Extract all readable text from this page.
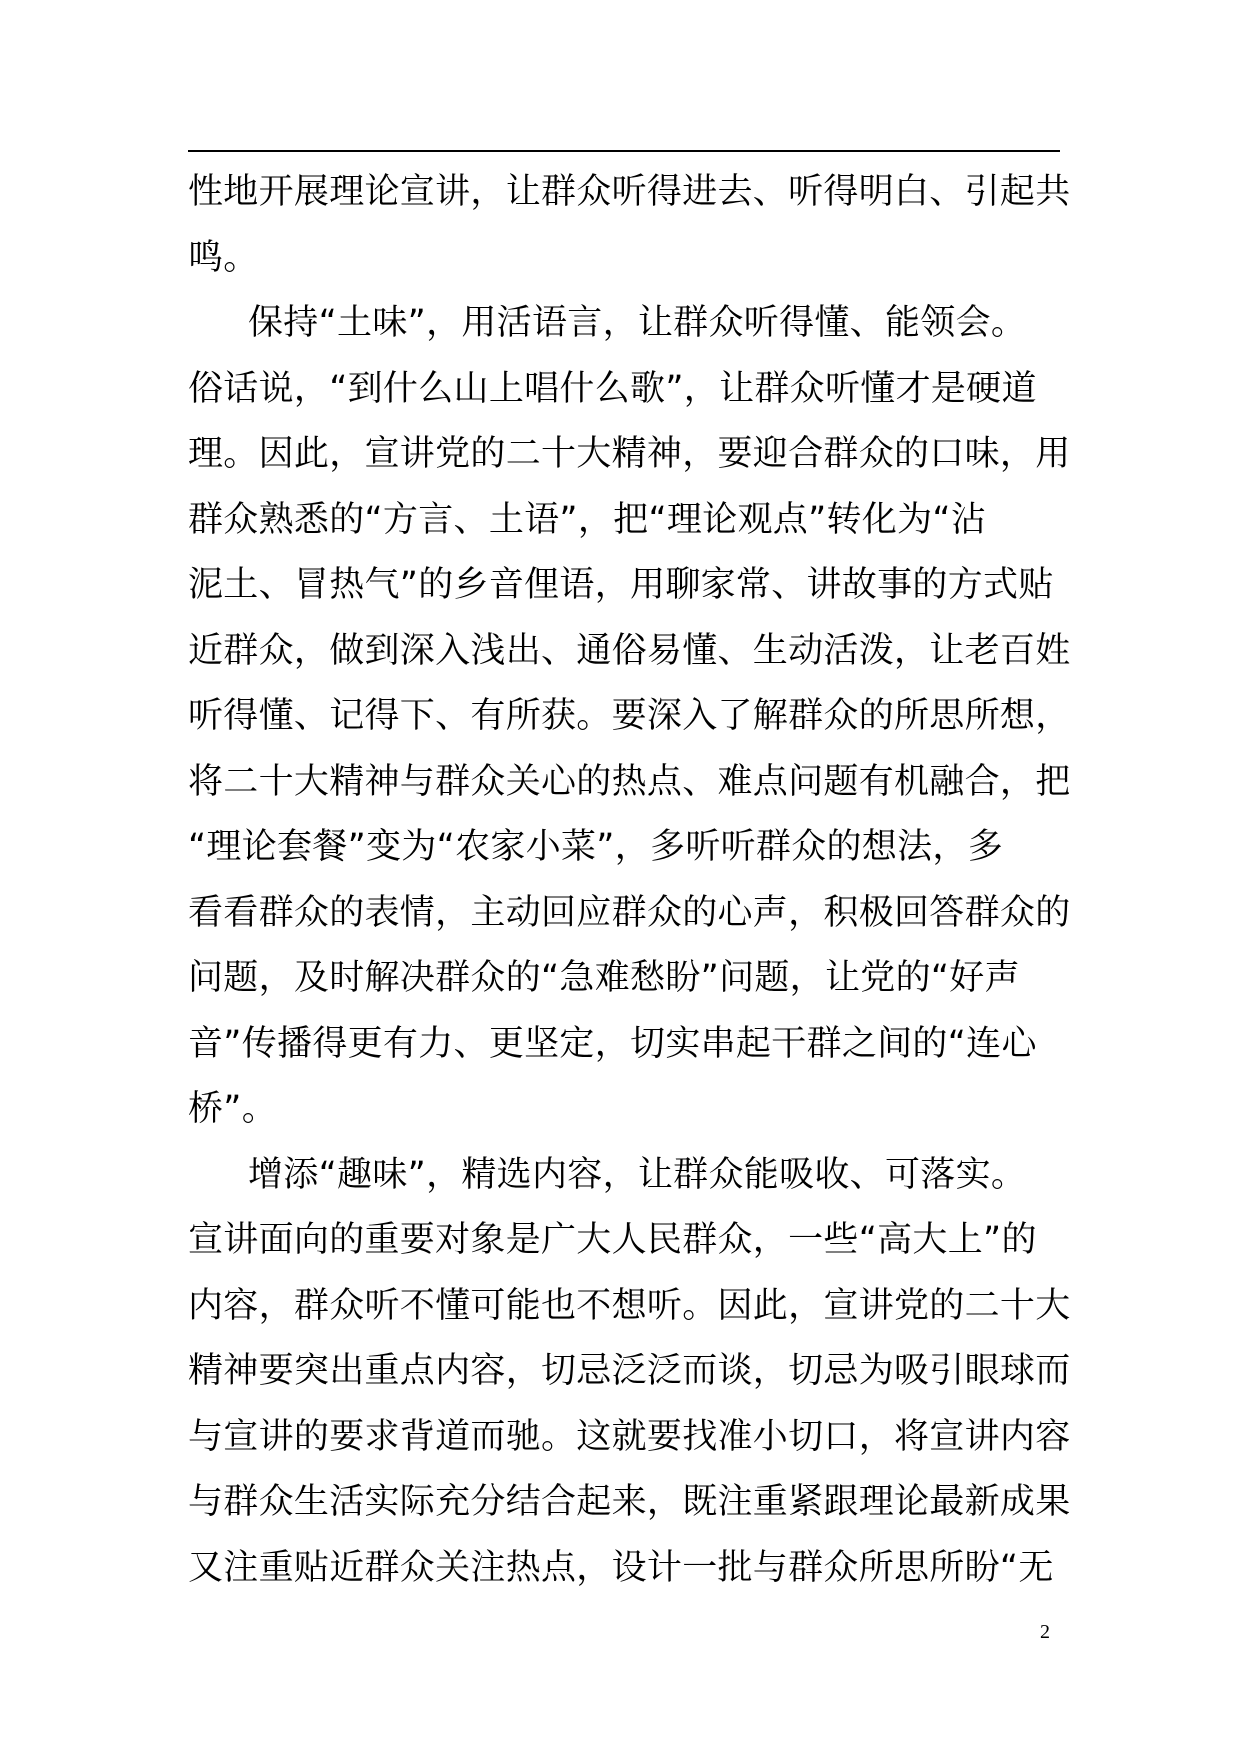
性地开展理论宣讲，让群众听得进去、听得明白、引起共
鸣。
保持“土味”，用活语言，让群众听得懂、能领会。
俗话说，“到什么山上唱什么歌”，让群众听懂才是硬道
理。因此，宣讲党的二十大精神，要迎合群众的口味，用
群众熟悉的“方言、土语”，把“理论观点”转化为“沾
泥土、冒热气”的乡音俚语，用聊家常、讲故事的方式贴
近群众，做到深入浅出、通俗易懂、生动活泼，让老百姓
听得懂、记得下、有所获。要深入了解群众的所思所想，
将二十大精神与群众关心的热点、难点问题有机融合，把
“理论套餐”变为“农家小菜”，多听听群众的想法，多
看看群众的表情，主动回应群众的心声，积极回答群众的
问题，及时解决群众的“急难愁盼”问题，让党的“好声
音”传播得更有力、更坚定，切实串起干群之间的“连心
桥”。
增添“趣味”，精选内容，让群众能吸收、可落实。
宣讲面向的重要对象是广大人民群众，一些“高大上”的
内容，群众听不懂可能也不想听。因此，宣讲党的二十大
精神要突出重点内容，切忌泛泛而谈，切忌为吸引眼球而
与宣讲的要求背道而驰。这就要找准小切口，将宣讲内容
与群众生活实际充分结合起来，既注重紧跟理论最新成果
又注重贴近群众关注热点，设计一批与群众所思所盼“无
2
